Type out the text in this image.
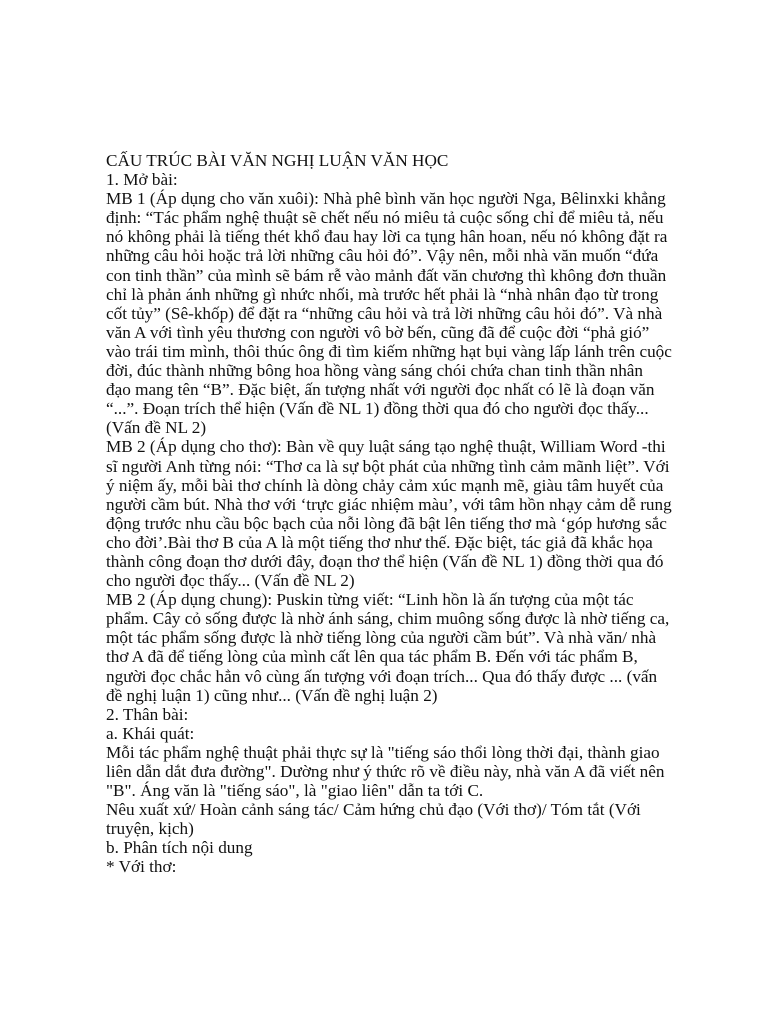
CẤU TRÚC BÀI VĂN NGHỊ LUẬN VĂN HỌC

1. Mở bài:

MB 1 (Áp dụng cho văn xuôi): Nhà phê bình văn học người Nga, Bêlinxki khẳng định: “Tác phẩm nghệ thuật sẽ chết nếu nó miêu tả cuộc sống chỉ để miêu tả, nếu nó không phải là tiếng thét khổ đau hay lời ca tụng hân hoan, nếu nó không đặt ra những câu hỏi hoặc trả lời những câu hỏi đó”. Vậy nên, mỗi nhà văn muốn “đứa con tinh thần” của mình sẽ bám rễ vào mảnh đất văn chương thì không đơn thuần chỉ là phản ánh những gì nhức nhối, mà trước hết phải là “nhà nhân đạo từ trong cốt tủy” (Sê-khốp) để đặt ra “những câu hỏi và trả lời những câu hỏi đó”. Và nhà văn A với tình yêu thương con người vô bờ bến, cũng đã để cuộc đời “phả gió” vào trái tim mình, thôi thúc ông đi tìm kiếm những hạt bụi vàng lấp lánh trên cuộc đời, đúc thành những bông hoa hồng vàng sáng chói chứa chan tinh thần nhân đạo mang tên “B”. Đặc biệt, ấn tượng nhất với người đọc nhất có lẽ là đoạn văn “...”. Đoạn trích thể hiện (Vấn đề NL 1) đồng thời qua đó cho người đọc thấy... (Vấn đề NL 2)

MB 2 (Áp dụng cho thơ): Bàn về quy luật sáng tạo nghệ thuật, William Word -thi sĩ người Anh từng nói: “Thơ ca là sự bột phát của những tình cảm mãnh liệt”. Với ý niệm ấy, mỗi bài thơ chính là dòng chảy cảm xúc mạnh mẽ, giàu tâm huyết của người cầm bút. Nhà thơ với ‘trực giác nhiệm màu’, với tâm hồn nhạy cảm dễ rung động trước nhu cầu bộc bạch của nỗi lòng đã bật lên tiếng thơ mà ‘góp hương sắc cho đời’.Bài thơ B của A là một tiếng thơ như thế. Đặc biệt, tác giả đã khắc họa thành công đoạn thơ dưới đây, đoạn thơ thể hiện (Vấn đề NL 1) đồng thời qua đó cho người đọc thấy... (Vấn đề NL 2)

MB 2 (Áp dụng chung): Puskin từng viết: “Linh hồn là ấn tượng của một tác phẩm. Cây cỏ sống được là nhờ ánh sáng, chim muông sống được là nhờ tiếng ca, một tác phẩm sống được là nhờ tiếng lòng của người cầm bút”. Và nhà văn/ nhà thơ A đã để tiếng lòng của mình cất lên qua tác phẩm B. Đến với tác phẩm B, người đọc chắc hẳn vô cùng ấn tượng với đoạn trích... Qua đó thấy được ... (vấn đề nghị luận 1) cũng như... (Vấn đề nghị luận 2)

2. Thân bài:

a. Khái quát:

Mỗi tác phẩm nghệ thuật phải thực sự là "tiếng sáo thổi lòng thời đại, thành giao liên dẫn dắt đưa đường". Dường như ý thức rõ về điều này, nhà văn A đã viết nên "B". Áng văn là "tiếng sáo", là "giao liên" dẫn ta tới C.

Nêu xuất xứ/ Hoàn cảnh sáng tác/ Cảm hứng chủ đạo (Với thơ)/ Tóm tắt (Với truyện, kịch)

b. Phân tích nội dung

* Với thơ:
